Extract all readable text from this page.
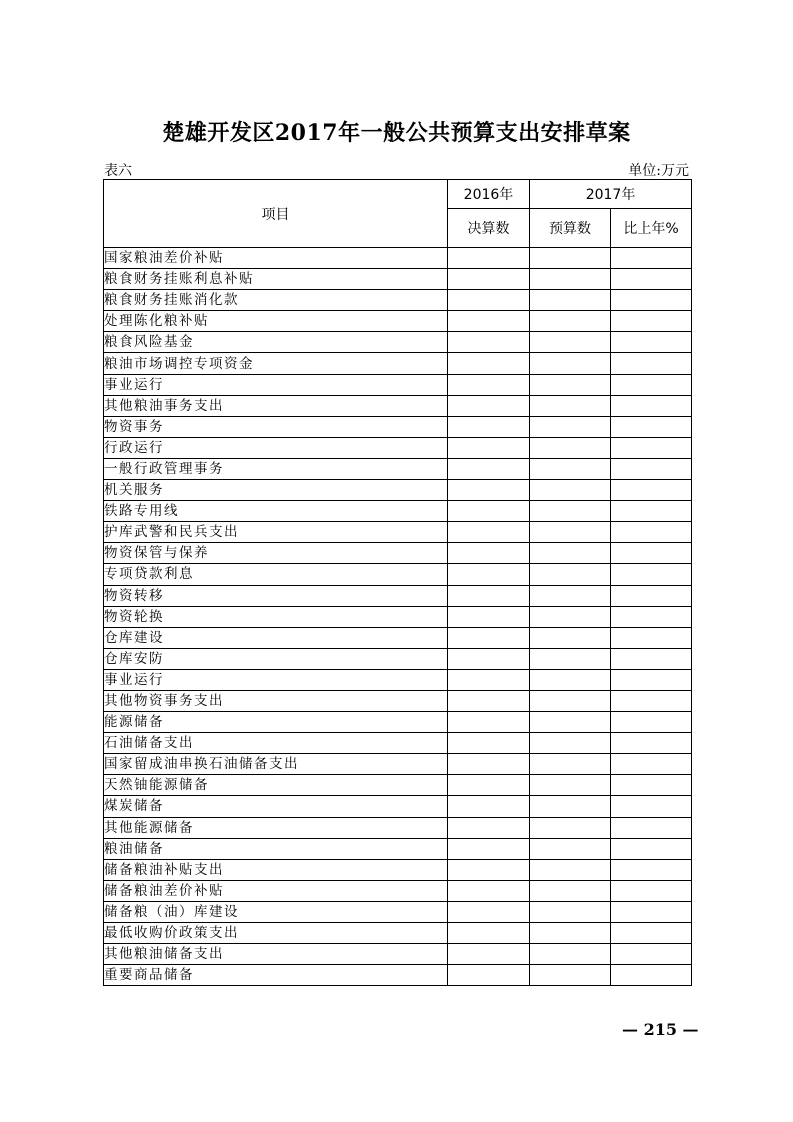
楚雄开发区2017年一般公共预算支出安排草案
表六	单位:万元
项目	2016年	2017年	
	决算数	预算数	比上年%
国家粮油差价补贴			
粮食财务挂账利息补贴			
粮食财务挂账消化款			
处理陈化粮补贴			
粮食风险基金			
粮油市场调控专项资金			
事业运行			
其他粮油事务支出			
物资事务			
行政运行			
一般行政管理事务			
机关服务			
铁路专用线			
护库武警和民兵支出			
物资保管与保养			
专项贷款利息			
物资转移			
物资轮换			
仓库建设			
仓库安防			
事业运行			
其他物资事务支出			
能源储备			
石油储备支出			
国家留成油串换石油储备支出			
天然铀能源储备			
煤炭储备			
其他能源储备			
粮油储备			
储备粮油补贴支出			
储备粮油差价补贴			
储备粮（油）库建设			
最低收购价政策支出			
其他粮油储备支出			
重要商品储备			
— 215 —
